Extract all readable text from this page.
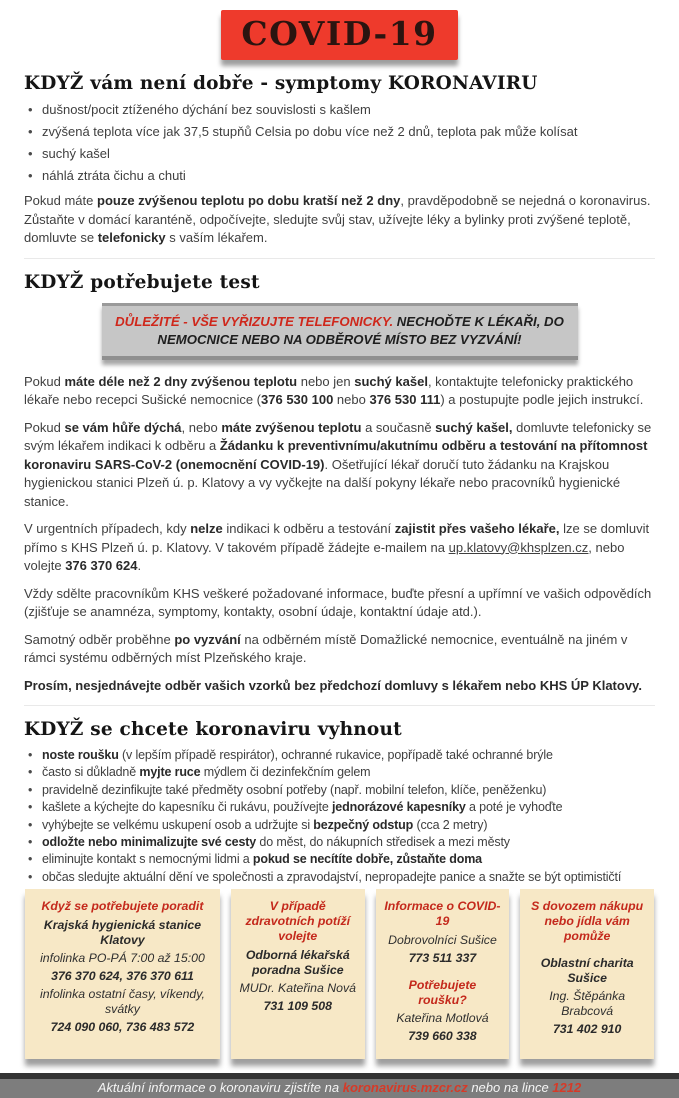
COVID-19
KDYŽ vám není dobře - symptomy KORONAVIRU
• dušnost/pocit ztíženého dýchání bez souvislosti s kašlem
• zvýšená teplota více jak 37,5 stupňů Celsia po dobu více než 2 dnů, teplota pak může kolísat
• suchý kašel
• náhlá ztráta čichu a chuti

Pokud máte pouze zvýšenou teplotu po dobu kratší než 2 dny, pravděpodobně se nejedná o koronavirus. Zůstaňte v domácí karanténě, odpočívejte, sledujte svůj stav, užívejte léky a bylinky proti zvýšené teplotě, domluvte se telefonicky s vaším lékařem.

KDYŽ potřebujete test
DŮLEŽITÉ - VŠE VYŘIZUJTE TELEFONICKY. NECHOĎTE K LÉKAŘI, DO NEMOCNICE NEBO NA ODBĚROVÉ MÍSTO BEZ VYZVÁNÍ!

Pokud máte déle než 2 dny zvýšenou teplotu nebo jen suchý kašel, kontaktujte telefonicky praktického lékaře nebo recepci Sušické nemocnice (376 530 100 nebo 376 530 111) a postupujte podle jejich instrukcí.

Pokud se vám hůře dýchá, nebo máte zvýšenou teplotu a současně suchý kašel, domluvte telefonicky se svým lékařem indikaci k odběru a Žádanku k preventivnímu/akutnímu odběru a testování na přítomnost koronaviru SARS-CoV-2 (onemocnění COVID-19). Ošetřující lékař doručí tuto žádanku na Krajskou hygienickou stanici Plzeň ú. p. Klatovy a vy vyčkejte na další pokyny lékaře nebo pracovníků hygienické stanice.

V urgentních případech, kdy nelze indikaci k odběru a testování zajistit přes vašeho lékaře, lze se domluvit přímo s KHS Plzeň ú. p. Klatovy. V takovém případě žádejte e-mailem na up.klatovy@khsplzen.cz, nebo volejte 376 370 624.

Vždy sdělte pracovníkům KHS veškeré požadované informace, buďte přesní a upřímní ve vašich odpovědích (zjišťuje se anamnéza, symptomy, kontakty, osobní údaje, kontaktní údaje atd.).

Samotný odběr proběhne po vyzvání na odběrném místě Domažlické nemocnice, eventuálně na jiném v rámci systému odběrných míst Plzeňského kraje.

Prosím, nesjednávejte odběr vašich vzorků bez předchozí domluvy s lékařem nebo KHS ÚP Klatovy.

KDYŽ se chcete koronaviru vyhnout
• noste roušku (v lepším případě respirátor), ochranné rukavice, popřípadě také ochranné brýle
• často si důkladně myjte ruce mýdlem či dezinfekčním gelem
• pravidelně dezinfikujte také předměty osobní potřeby (např. mobilní telefon, klíče, peněženku)
• kašlete a kýchejte do kapesníku či rukávu, používejte jednorázové kapesníky a poté je vyhoďte
• vyhýbejte se velkému uskupení osob a udržujte si bezpečný odstup (cca 2 metry)
• odložte nebo minimalizujte své cesty do měst, do nákupních středisek a mezi městy
• eliminujte kontakt s nemocnými lidmi a pokud se necítíte dobře, zůstaňte doma
• občas sledujte aktuální dění ve společnosti a zpravodajství, nepropadejte panice a snažte se být optimističtí
Když se potřebujete poradit
Krajská hygienická stanice Klatovy
infolinka PO-PÁ 7:00 až 15:00
376 370 624, 376 370 611
infolinka ostatní časy, víkendy, svátky
724 090 060, 736 483 572
V případě zdravotních potíží volejte
Odborná lékařská poradna Sušice
MUDr. Kateřina Nová
731 109 508
Informace o COVID-19
Dobrovolníci Sušice
773 511 337
Potřebujete roušku?
Kateřina Motlová
739 660 338
S dovozem nákupu nebo jídla vám pomůže
Oblastní charita Sušice
Ing. Štěpánka Brabcová
731 402 910

Aktuální informace o koronaviru zjistíte na koronavirus.mzcr.cz nebo na lince 1212
